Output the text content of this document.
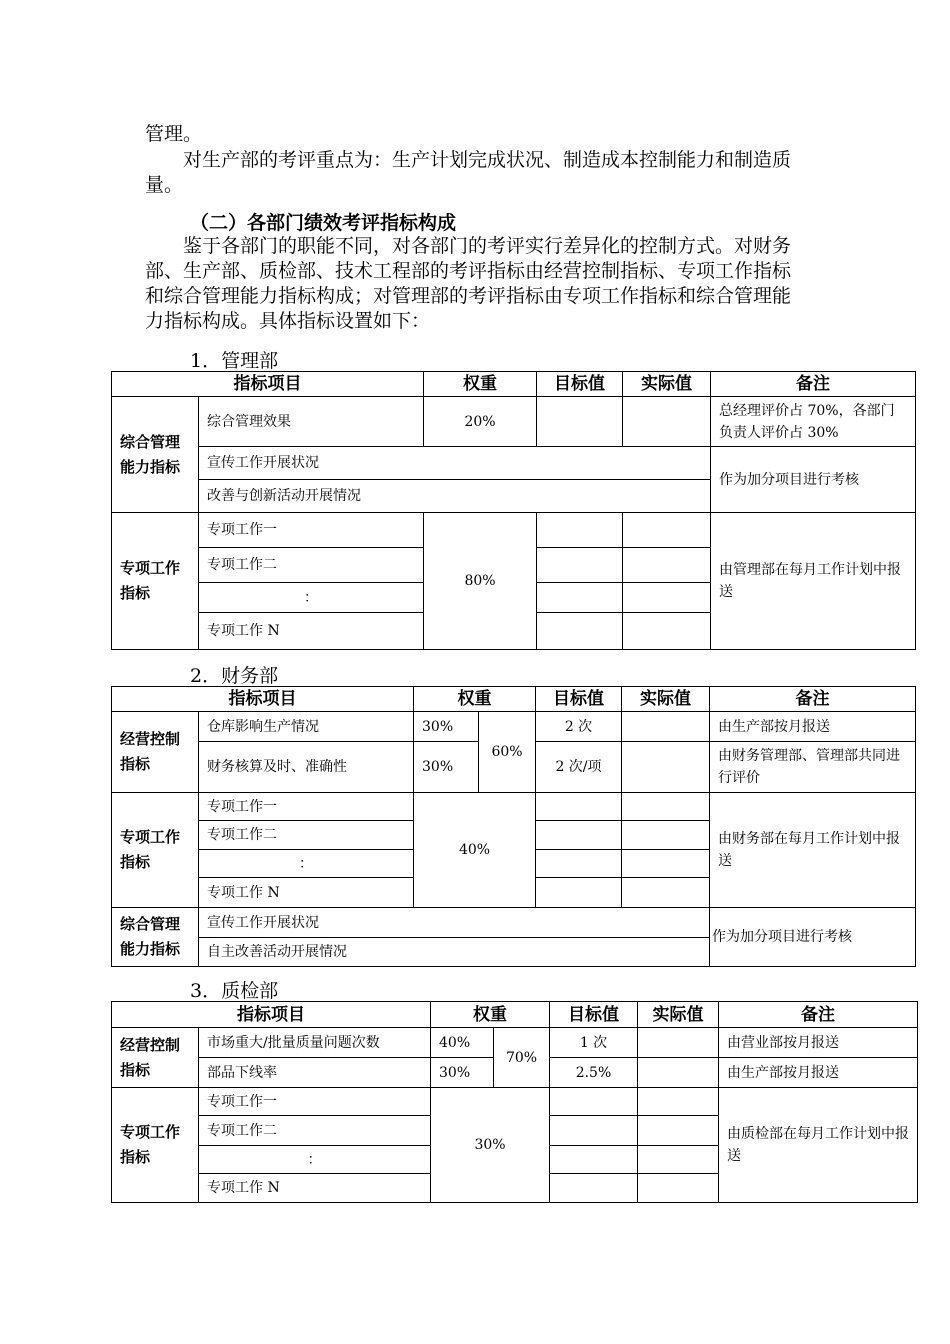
管理。

对生产部的考评重点为：生产计划完成状况、制造成本控制能力和制造质量。

（二）各部门绩效考评指标构成

鉴于各部门的职能不同，对各部门的考评实行差异化的控制方式。对财务部、生产部、质检部、技术工程部的考评指标由经营控制指标、专项工作指标和综合管理能力指标构成；对管理部的考评指标由专项工作指标和综合管理能力指标构成。具体指标设置如下：

1．管理部

指标项目		权重	目标值	实际值	备注
综合管理能力指标	综合管理效果	20%			总经理评价占 70%，各部门负责人评价占 30%
	宣传工作开展状况				作为加分项目进行考核
	改善与创新活动开展情况				
专项工作指标	专项工作一	80%			由管理部在每月工作计划中报送
	专项工作二				
	：				
	专项工作 N				

2．财务部

指标项目		权重		目标值	实际值	备注
经营控制指标	仓库影响生产情况	30%	60%	2 次		由生产部按月报送
	财务核算及时、准确性	30%		2 次/项		由财务管理部、管理部共同进行评价
专项工作指标	专项工作一	40%				由财务部在每月工作计划中报送
	专项工作二					
	：					
	专项工作 N					
综合管理能力指标	宣传工作开展状况					作为加分项目进行考核
	自主改善活动开展情况					

3．质检部

指标项目		权重		目标值	实际值	备注
经营控制指标	市场重大/批量质量问题次数	40%	70%	1 次		由营业部按月报送
	部品下线率	30%		2.5%		由生产部按月报送
专项工作指标	专项工作一	30%				由质检部在每月工作计划中报送
	专项工作二					
	：					
	专项工作 N					
